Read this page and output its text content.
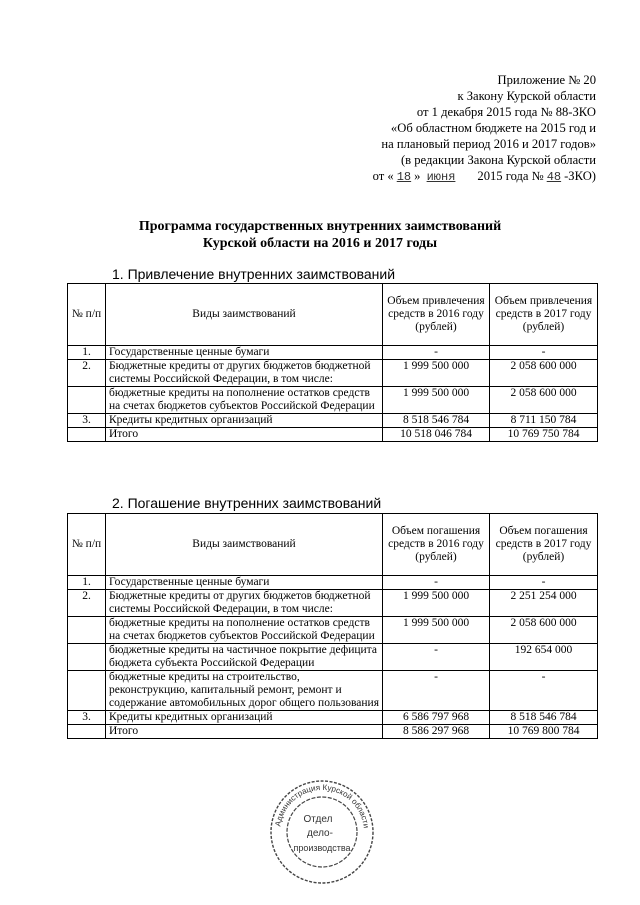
Приложение № 20
к Закону Курской области
от 1 декабря 2015 года № 88-ЗКО
«Об областном бюджете на 2015 год и
на плановый период 2016 и 2017 годов»
(в редакции Закона Курской области
от « 18 » июня 2015 года № 48 -ЗКО)
Программа государственных внутренних заимствований
Курской области на 2016 и 2017 годы
1. Привлечение внутренних заимствований
№ п/п	Виды заимствований	Объем привлечения средств в 2016 году (рублей)	Объем привлечения средств в 2017 году (рублей)
1.	Государственные ценные бумаги	-	-
2.	Бюджетные кредиты от других бюджетов бюджетной системы Российской Федерации, в том числе:	1 999 500 000	2 058 600 000
	бюджетные кредиты на пополнение остатков средств на счетах бюджетов субъектов Российской Федерации	1 999 500 000	2 058 600 000
3.	Кредиты кредитных организаций	8 518 546 784	8 711 150 784
	Итого	10 518 046 784	10 769 750 784
2. Погашение внутренних заимствований
№ п/п	Виды заимствований	Объем погашения средств в 2016 году (рублей)	Объем погашения средств в 2017 году (рублей)
1.	Государственные ценные бумаги	-	-
2.	Бюджетные кредиты от других бюджетов бюджетной системы Российской Федерации, в том числе:	1 999 500 000	2 251 254 000
	бюджетные кредиты на пополнение остатков средств на счетах бюджетов субъектов Российской Федерации	1 999 500 000	2 058 600 000
	бюджетные кредиты на частичное покрытие дефицита бюджета субъекта Российской Федерации	-	192 654 000
	бюджетные кредиты на строительство, реконструкцию, капитальный ремонт, ремонт и содержание автомобильных дорог общего пользования	-	-
3.	Кредиты кредитных организаций	6 586 797 968	8 518 546 784
	Итого	8 586 297 968	10 769 800 784
Администрация Курской области
Отдел
дело-
производства
